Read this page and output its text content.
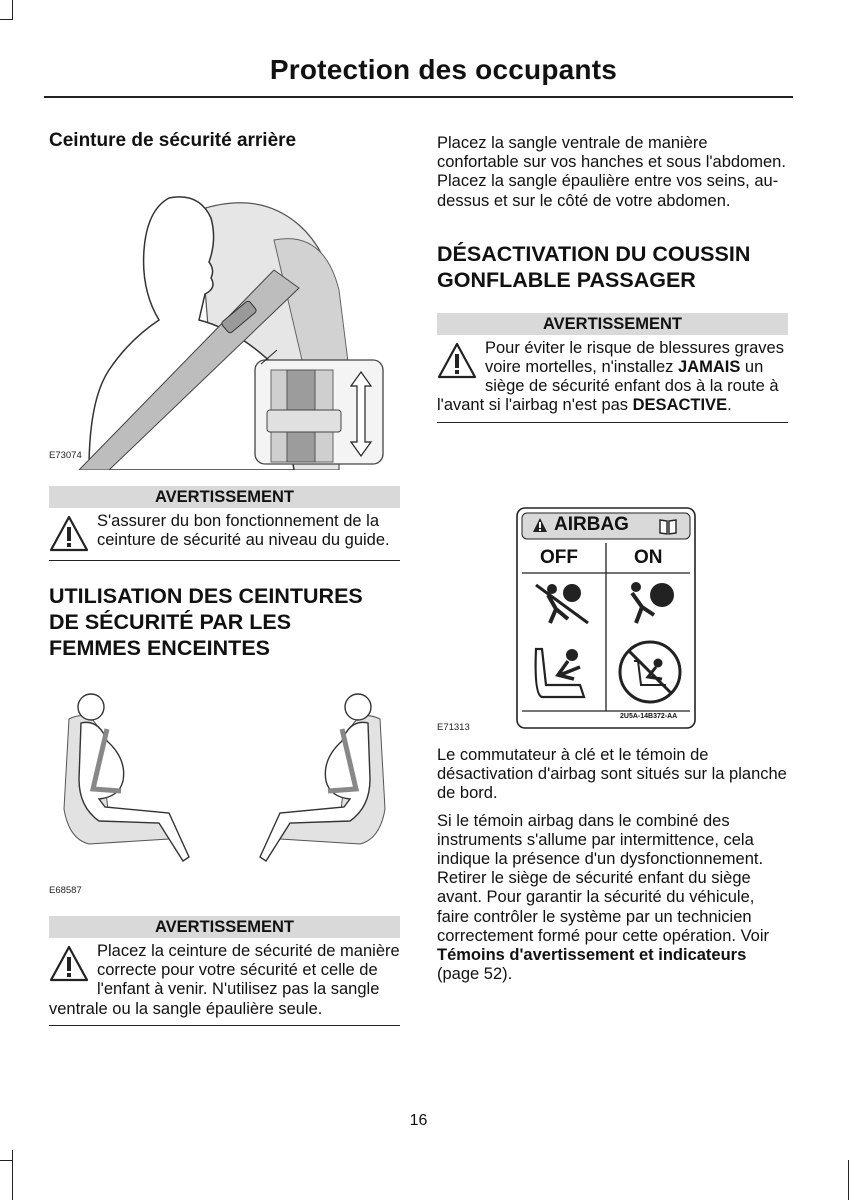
Protection des occupants
Ceinture de sécurité arrière
E73074
AVERTISSEMENT
S'assurer du bon fonctionnement de la ceinture de sécurité au niveau du guide.
UTILISATION DES CEINTURES DE SÉCURITÉ PAR LES FEMMES ENCEINTES
E68587
AVERTISSEMENT
Placez la ceinture de sécurité de manière correcte pour votre sécurité et celle de l'enfant à venir. N'utilisez pas la sangle ventrale ou la sangle épaulière seule.

Placez la sangle ventrale de manière confortable sur vos hanches et sous l'abdomen. Placez la sangle épaulière entre vos seins, au-dessus et sur le côté de votre abdomen.

DÉSACTIVATION DU COUSSIN GONFLABLE PASSAGER
AVERTISSEMENT
Pour éviter le risque de blessures graves voire mortelles, n'installez JAMAIS un siège de sécurité enfant dos à la route à l'avant si l'airbag n'est pas DESACTIVE.
AIRBAG
OFF	ON
2U5A-14B372-AA
E71313

Le commutateur à clé et le témoin de désactivation d'airbag sont situés sur la planche de bord.

Si le témoin airbag dans le combiné des instruments s'allume par intermittence, cela indique la présence d'un dysfonctionnement. Retirer le siège de sécurité enfant du siège avant. Pour garantir la sécurité du véhicule, faire contrôler le système par un technicien correctement formé pour cette opération. Voir Témoins d'avertissement et indicateurs (page 52).

16
